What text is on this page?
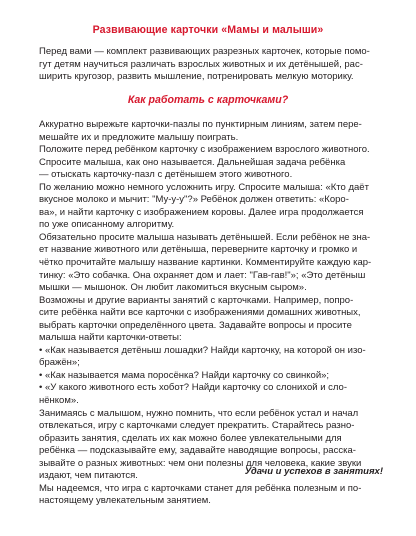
Развивающие карточки «Мамы и малыши»
Перед вами — комплект развивающих разрезных карточек, которые помо-
гут детям научиться различать взрослых животных и их детёнышей, рас-
ширить кругозор, развить мышление, потренировать мелкую моторику.
Как работать с карточками?
Аккуратно вырежьте карточки-пазлы по пунктирным линиям, затем пере-
мешайте их и предложите малышу поиграть.
Положите перед ребёнком карточку с изображением взрослого животного.
Спросите малыша, как оно называется. Дальнейшая задача ребёнка
— отыскать карточку-пазл с детёнышем этого животного.
По желанию можно немного усложнить игру. Спросите малыша: «Кто даёт
вкусное молоко и мычит: "Му-у-у"?» Ребёнок должен ответить: «Коро-
ва», и найти карточку с изображением коровы. Далее игра продолжается
по уже описанному алгоритму.
Обязательно просите малыша называть детёнышей. Если ребёнок не зна-
ет название животного или детёныша, переверните карточку и громко и
чётко прочитайте малышу название картинки. Комментируйте каждую кар-
тинку: «Это собачка. Она охраняет дом и лает: "Гав-гав!"»; «Это детёныш
мышки — мышонок. Он любит лакомиться вкусным сыром».
Возможны и другие варианты занятий с карточками. Например, попро-
сите ребёнка найти все карточки с изображениями домашних животных,
выбрать карточки определённого цвета. Задавайте вопросы и просите
малыша найти карточки-ответы:
• «Как называется детёныш лошадки? Найди карточку, на которой он изо-
бражён»;
• «Как называется мама поросёнка? Найди карточку со свинкой»;
• «У какого животного есть хобот? Найди карточку со слонихой и сло-
нёнком».
Занимаясь с малышом, нужно помнить, что если ребёнок устал и начал
отвлекаться, игру с карточками следует прекратить. Старайтесь разно-
образить занятия, сделать их как можно более увлекательными для
ребёнка — подсказывайте ему, задавайте наводящие вопросы, расска-
зывайте о разных животных: чем они полезны для человека, какие звуки
издают, чем питаются.
Мы надеемся, что игра с карточками станет для ребёнка полезным и по-
настоящему увлекательным занятием.
Удачи и успехов в занятиях!
